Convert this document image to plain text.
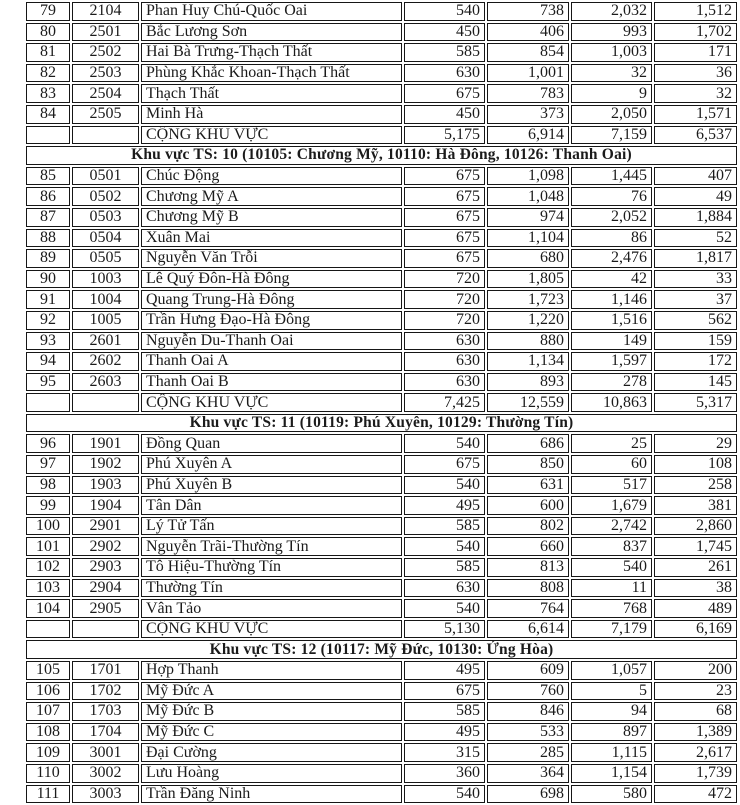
79	2104	Phan Huy Chú-Quốc Oai	540	738	2,032	1,512
80	2501	Bắc Lương Sơn	450	406	993	1,702
81	2502	Hai Bà Trưng-Thạch Thất	585	854	1,003	171
82	2503	Phùng Khắc Khoan-Thạch Thất	630	1,001	32	36
83	2504	Thạch Thất	675	783	9	32
84	2505	Minh Hà	450	373	2,050	1,571
		CỘNG KHU VỰC	5,175	6,914	7,159	6,537
Khu vực TS: 10 (10105: Chương Mỹ, 10110: Hà Đông, 10126: Thanh Oai)						
85	0501	Chúc Động	675	1,098	1,445	407
86	0502	Chương Mỹ A	675	1,048	76	49
87	0503	Chương Mỹ B	675	974	2,052	1,884
88	0504	Xuân Mai	675	1,104	86	52
89	0505	Nguyễn Văn Trỗi	675	680	2,476	1,817
90	1003	Lê Quý Đôn-Hà Đông	720	1,805	42	33
91	1004	Quang Trung-Hà Đông	720	1,723	1,146	37
92	1005	Trần Hưng Đạo-Hà Đông	720	1,220	1,516	562
93	2601	Nguyễn Du-Thanh Oai	630	880	149	159
94	2602	Thanh Oai A	630	1,134	1,597	172
95	2603	Thanh Oai B	630	893	278	145
		CỘNG KHU VỰC	7,425	12,559	10,863	5,317
Khu vực TS: 11 (10119: Phú Xuyên, 10129: Thường Tín)						
96	1901	Đồng Quan	540	686	25	29
97	1902	Phú Xuyên A	675	850	60	108
98	1903	Phú Xuyên B	540	631	517	258
99	1904	Tân Dân	495	600	1,679	381
100	2901	Lý Tử Tấn	585	802	2,742	2,860
101	2902	Nguyễn Trãi-Thường Tín	540	660	837	1,745
102	2903	Tô Hiệu-Thường Tín	585	813	540	261
103	2904	Thường Tín	630	808	11	38
104	2905	Vân Tảo	540	764	768	489
		CỘNG KHU VỰC	5,130	6,614	7,179	6,169
Khu vực TS: 12 (10117: Mỹ Đức, 10130: Ứng Hòa)						
105	1701	Hợp Thanh	495	609	1,057	200
106	1702	Mỹ Đức A	675	760	5	23
107	1703	Mỹ Đức B	585	846	94	68
108	1704	Mỹ Đức C	495	533	897	1,389
109	3001	Đại Cường	315	285	1,115	2,617
110	3002	Lưu Hoàng	360	364	1,154	1,739
111	3003	Trần Đăng Ninh	540	698	580	472
